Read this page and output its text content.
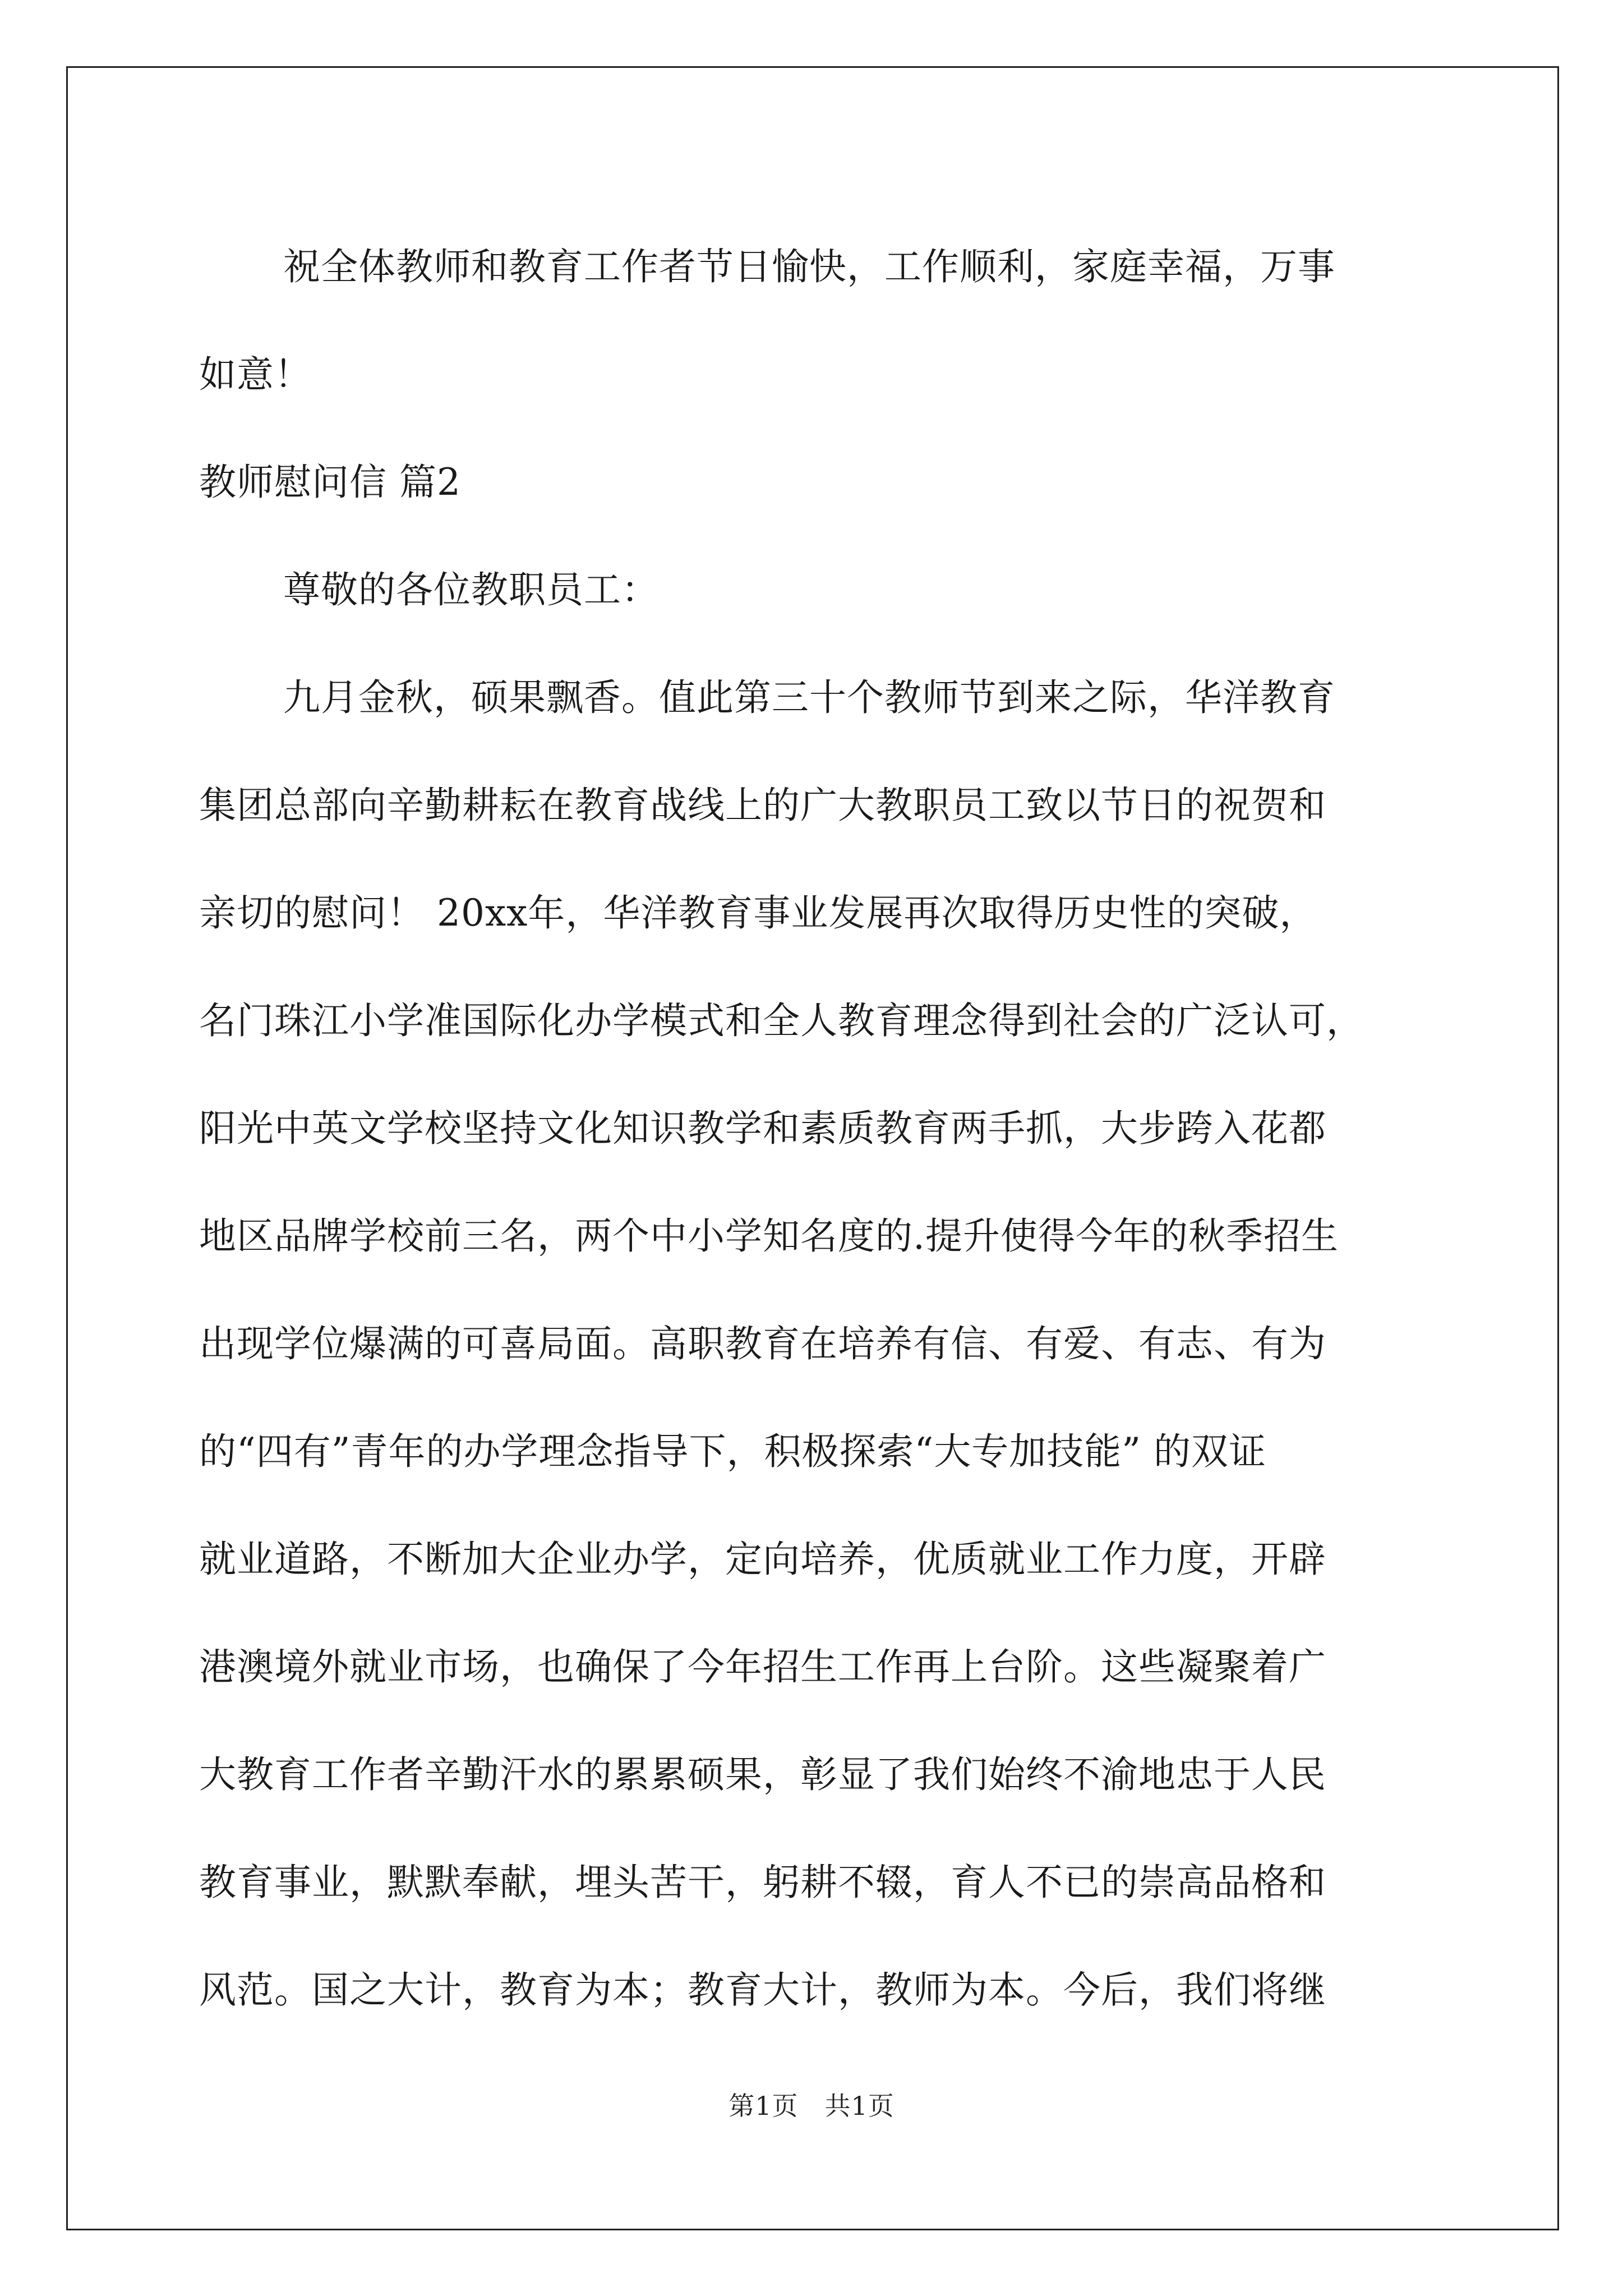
祝全体教师和教育工作者节日愉快，工作顺利，家庭幸福，万事
如意！
教师慰问信 篇2
尊敬的各位教职员工：
九月金秋，硕果飘香。值此第三十个教师节到来之际，华洋教育
集团总部向辛勤耕耘在教育战线上的广大教职员工致以节日的祝贺和
亲切的慰问！ 20xx年，华洋教育事业发展再次取得历史性的突破，
名门珠江小学准国际化办学模式和全人教育理念得到社会的广泛认可，
阳光中英文学校坚持文化知识教学和素质教育两手抓，大步跨入花都
地区品牌学校前三名，两个中小学知名度的.提升使得今年的秋季招生
出现学位爆满的可喜局面。高职教育在培养有信、有爱、有志、有为
的“四有”青年的办学理念指导下，积极探索“大专加技能” 的双证
就业道路，不断加大企业办学，定向培养，优质就业工作力度，开辟
港澳境外就业市场，也确保了今年招生工作再上台阶。这些凝聚着广
大教育工作者辛勤汗水的累累硕果，彰显了我们始终不渝地忠于人民
教育事业，默默奉献，埋头苦干，躬耕不辍，育人不已的崇高品格和
风范。国之大计，教育为本；教育大计，教师为本。今后，我们将继
第1页　共1页
